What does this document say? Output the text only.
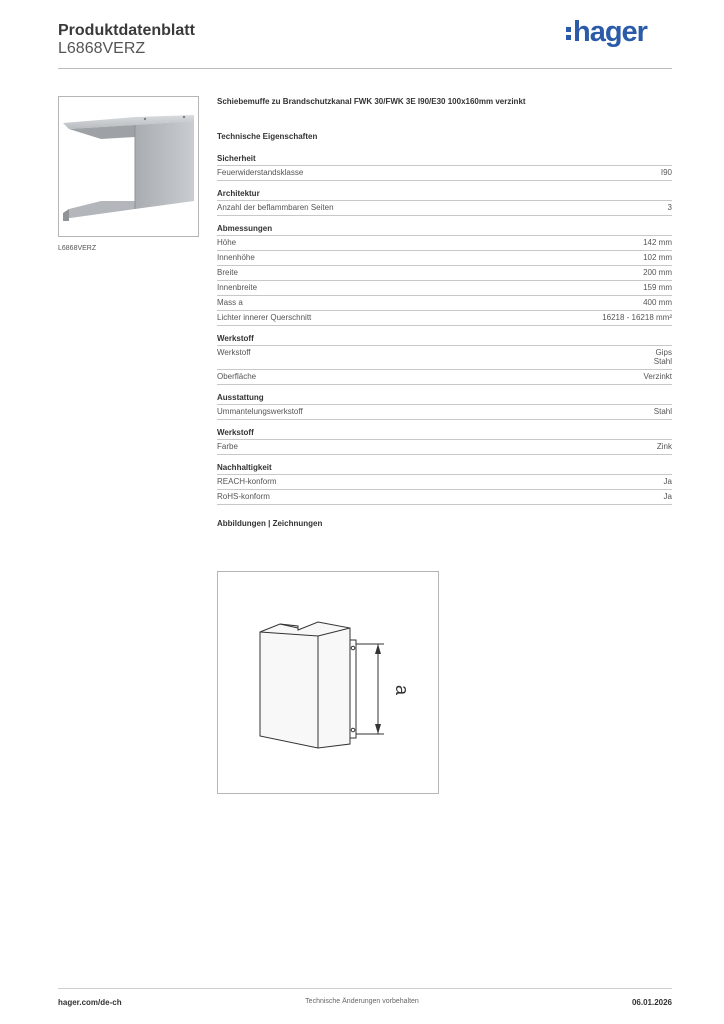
Produktdatenblatt
L6868VERZ
hager
L6868VERZ
Schiebemuffe zu Brandschutzkanal FWK 30/FWK 3E I90/E30 100x160mm verzinkt
Technische Eigenschaften
Sicherheit
Feuerwiderstandsklasse	I90
Architektur
Anzahl der beflammbaren Seiten	3
Abmessungen
Höhe	142 mm
Innenhöhe	102 mm
Breite	200 mm
Innenbreite	159 mm
Mass a	400 mm
Lichter innerer Querschnitt	16218 - 16218 mm²
Werkstoff
Werkstoff	Gips
Stahl
Oberfläche	Verzinkt
Ausstattung
Ummantelungswerkstoff	Stahl
Werkstoff
Farbe	Zink
Nachhaltigkeit
REACH-konform	Ja
RoHS-konform	Ja
Abbildungen | Zeichnungen
a
hager.com/de-ch	Technische Änderungen vorbehalten	06.01.2026
